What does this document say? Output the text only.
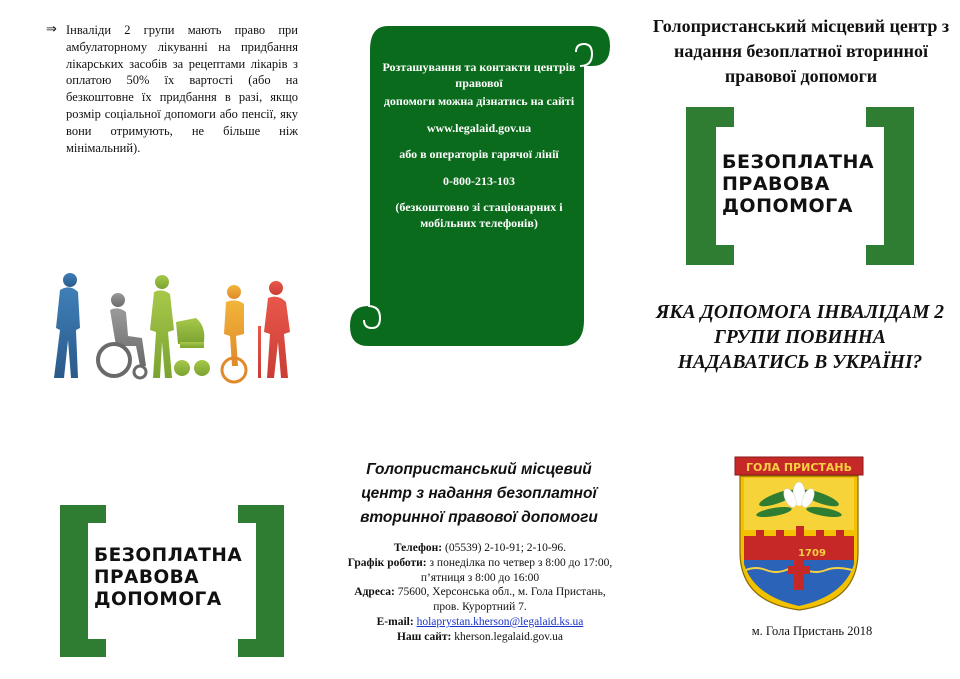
⇒ Інваліди 2 групи мають право при амбулаторному лікуванні на придбання лікарських засобів за рецептами лікарів з оплатою 50% їх вартості (або на безкоштовне їх придбання в разі, якщо розмір соціальної допомоги або пенсії, яку вони отримують, не більше ніж мінімальний).

Розташування та контакти центрів правової

допомоги можна дізнатись на сайті

www.legalaid.gov.ua

або в операторів гарячої лінії

0-800-213-103

(безкоштовно зі стаціонарних і мобільних телефонів)

Голопристанський місцевий центр з надання безоплатної вторинної правової допомоги
БЕЗОПЛАТНА
ПРАВОВА
ДОПОМОГА
ЯКА ДОПОМОГА ІНВАЛІДАМ 2 ГРУПИ ПОВИННА НАДАВАТИСЬ В УКРАЇНІ?
БЕЗОПЛАТНА
ПРАВОВА
ДОПОМОГА
Голопристанський місцевий центр з надання безоплатної вторинної правової допомоги
Телефон: (05539) 2-10-91; 2-10-96.
Графік роботи: з понеділка по четвер з 8:00 до 17:00, п’ятниця з 8:00 до 16:00
Адреса: 75600, Херсонська обл., м. Гола Пристань, пров. Курортний 7.
E-mail: holaprystan.kherson@legalaid.ks.ua
Наш сайт: kherson.legalaid.gov.ua
ГОЛА ПРИСТАНЬ
1709
м. Гола Пристань 2018
